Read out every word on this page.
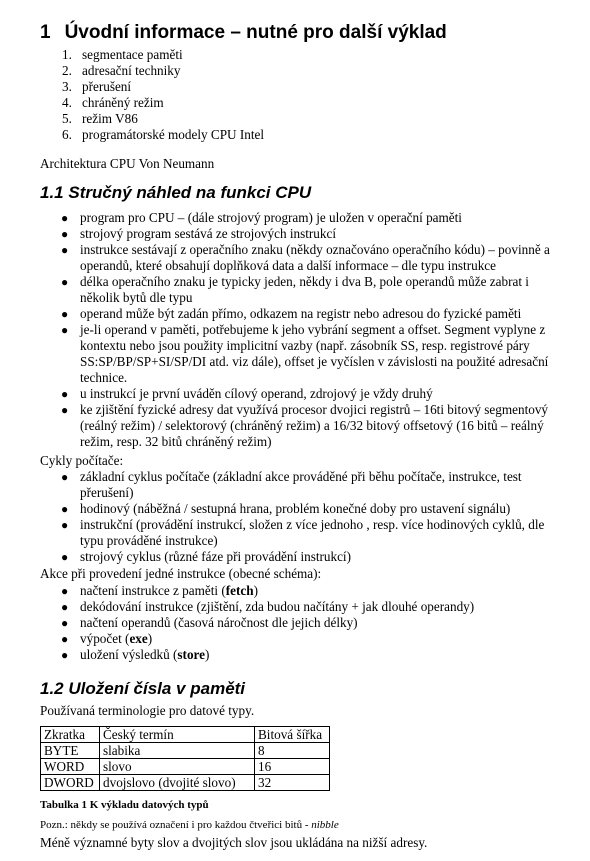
1 Úvodní informace – nutné pro další výklad
1. segmentace paměti
2. adresační techniky
3. přerušení
4. chráněný režim
5. režim V86
6. programátorské modely CPU Intel
Architektura CPU Von Neumann
1.1 Stručný náhled na funkci CPU
● program pro CPU – (dále strojový program) je uložen v operační paměti
● strojový program sestává ze strojových instrukcí
● instrukce sestávají z operačního znaku (někdy označováno operačního kódu) – povinně a operandů, které obsahují doplňková data a další informace – dle typu instrukce
● délka operačního znaku je typicky jeden, někdy i dva B, pole operandů může zabrat i několik bytů dle typu
● operand může být zadán přímo, odkazem na registr nebo adresou do fyzické paměti
● je-li operand v paměti, potřebujeme k jeho vybrání segment a offset. Segment vyplyne z kontextu nebo jsou použity implicitní vazby (např. zásobník SS, resp. registrové páry SS:SP/BP/SP+SI/SP/DI atd. viz dále), offset je vyčíslen v závislosti na použité adresační technice.
● u instrukcí je první uváděn cílový operand, zdrojový je vždy druhý
● ke zjištění fyzické adresy dat využívá procesor dvojici registrů – 16ti bitový segmentový (reálný režim) / selektorový (chráněný režim) a 16/32 bitový offsetový (16 bitů – reálný režim, resp. 32 bitů chráněný režim)
Cykly počítače:
● základní cyklus počítače (základní akce prováděné při běhu počítače, instrukce, test přerušení)
● hodinový (náběžná / sestupná hrana, problém konečné doby pro ustavení signálu)
● instrukční (provádění instrukcí, složen z více jednoho , resp. více hodinových cyklů, dle typu prováděné instrukce)
● strojový cyklus (různé fáze při provádění instrukcí)
Akce při provedení jedné instrukce (obecné schéma):
● načtení instrukce z paměti (fetch)
● dekódování instrukce (zjištění, zda budou načítány + jak dlouhé operandy)
● načtení operandů (časová náročnost dle jejich délky)
● výpočet (exe)
● uložení výsledků (store)
1.2 Uložení čísla v paměti
Používaná terminologie pro datové typy.
Zkratka	Český termín	Bitová šířka
BYTE	slabika	8
WORD	slovo	16
DWORD	dvojslovo (dvojité slovo)	32
Tabulka 1 K výkladu datových typů
Pozn.: někdy se používá označení i pro každou čtveřici bitů - nibble
Méně významné byty slov a dvojitých slov jsou ukládána na nižší adresy.
